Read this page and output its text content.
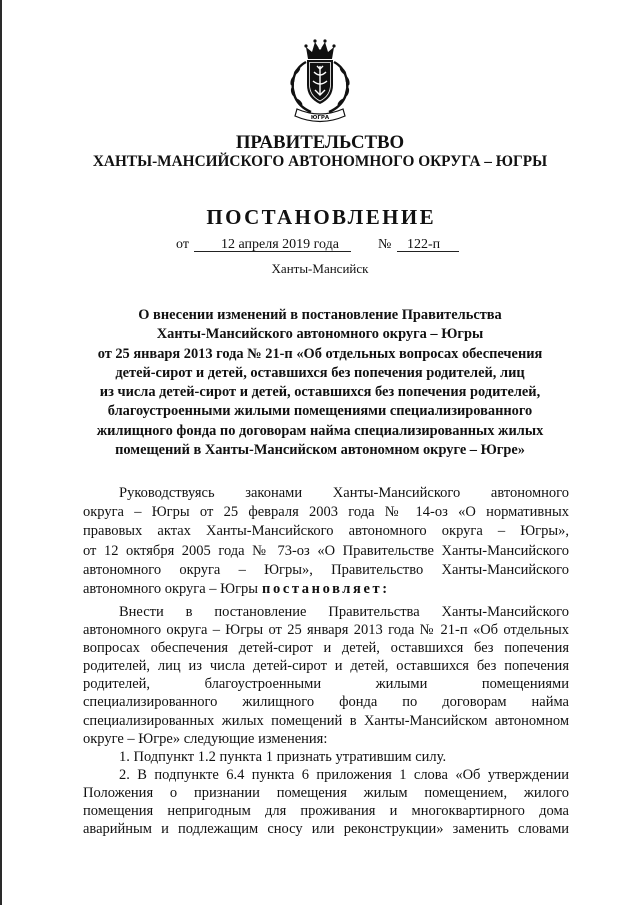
ЮГРА
ПРАВИТЕЛЬСТВО
ХАНТЫ-МАНСИЙСКОГО АВТОНОМНОГО ОКРУГА – ЮГРЫ
ПОСТАНОВЛЕНИЕ
от	12 апреля 2019 года	№	122-п
Ханты-Мансийск
О внесении изменений в постановление Правительства
Ханты-Мансийского автономного округа – Югры
от 25 января 2013 года № 21-п «Об отдельных вопросах обеспечения
детей-сирот и детей, оставшихся без попечения родителей, лиц
из числа детей-сирот и детей, оставшихся без попечения родителей,
благоустроенными жилыми помещениями специализированного
жилищного фонда по договорам найма специализированных жилых
помещений в Ханты-Мансийском автономном округе – Югре»
Руководствуясь законами Ханты-Мансийского автономного
округа – Югры от 25 февраля 2003 года № 14-оз «О нормативных
правовых актах Ханты-Мансийского автономного округа – Югры»,
от 12 октября 2005 года № 73-оз «О Правительстве Ханты-Мансийского
автономного округа – Югры», Правительство Ханты-Мансийского
автономного округа – Югры постановляет:
Внести в постановление Правительства Ханты-Мансийского
автономного округа – Югры от 25 января 2013 года № 21-п «Об отдельных
вопросах обеспечения детей-сирот и детей, оставшихся без попечения
родителей, лиц из числа детей-сирот и детей, оставшихся без попечения
родителей, благоустроенными жилыми помещениями
специализированного жилищного фонда по договорам найма
специализированных жилых помещений в Ханты-Мансийском автономном
округе – Югре» следующие изменения:
1. Подпункт 1.2 пункта 1 признать утратившим силу.
2. В подпункте 6.4 пункта 6 приложения 1 слова «Об утверждении
Положения о признании помещения жилым помещением, жилого
помещения непригодным для проживания и многоквартирного дома
аварийным и подлежащим сносу или реконструкции» заменить словами
